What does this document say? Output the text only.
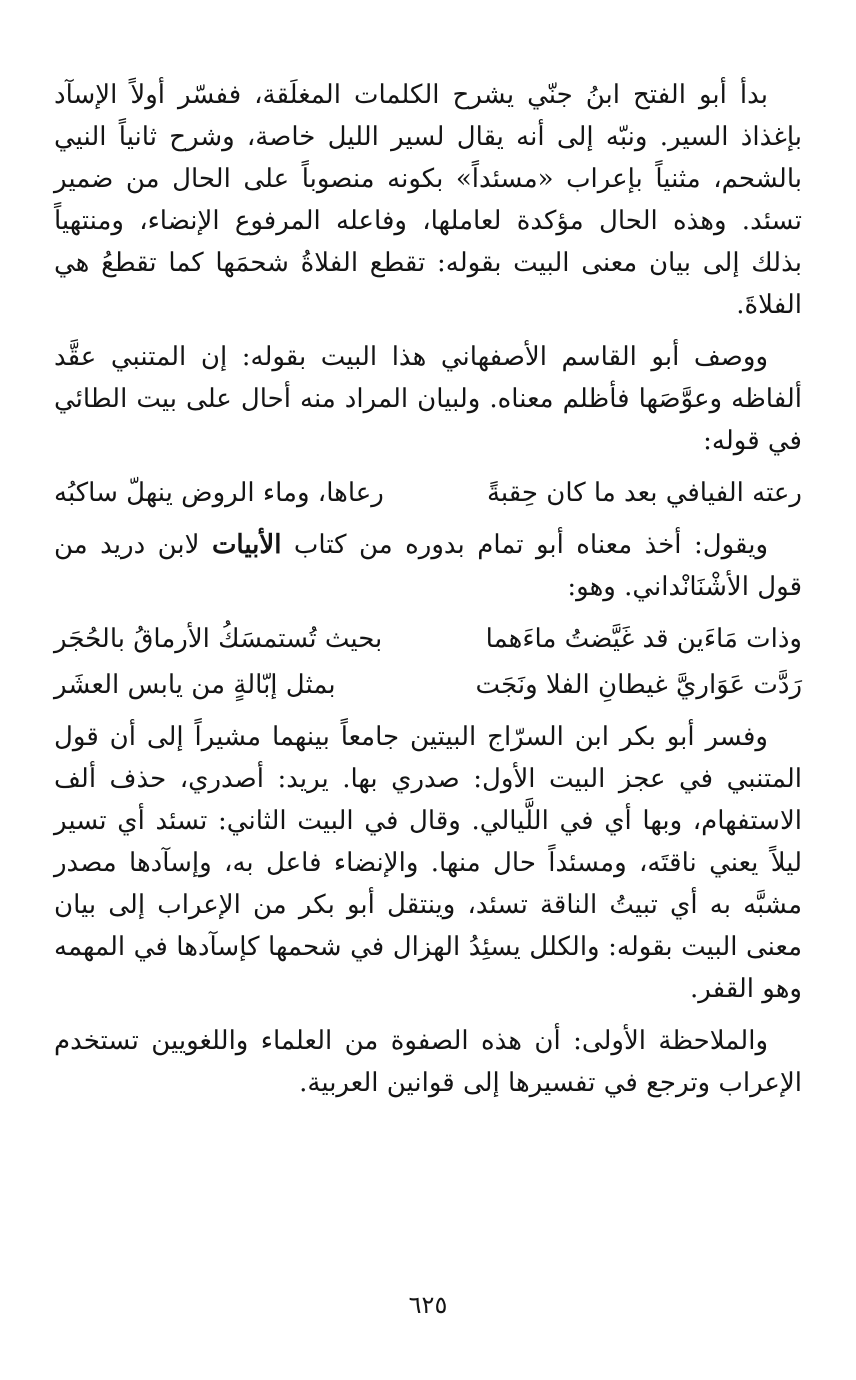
بدأ أبو الفتح ابنُ جنّي يشرح الكلمات المغلَقة، ففسّر أولاً الإسآد بإغذاذ السير. ونبّه إلى أنه يقال لسير الليل خاصة، وشرح ثانياً النيي بالشحم، مثنياً بإعراب «مسئداً» بكونه منصوباً على الحال من ضمير تسئد. وهذه الحال مؤكدة لعاملها، وفاعله المرفوع الإنضاء، ومنتهياً بذلك إلى بيان معنى البيت بقوله: تقطع الفلاةُ شحمَها كما تقطعُ هي الفلاةَ.

ووصف أبو القاسم الأصفهاني هذا البيت بقوله: إن المتنبي عقَّد ألفاظه وعوَّصَها فأظلم معناه. ولبيان المراد منه أحال على بيت الطائي في قوله:

رعته الفيافي بعد ما كان حِقبةً
رعاها، وماء الروض ينهلّ ساكبُه

ويقول: أخذ معناه أبو تمام بدوره من كتاب الأبيات لابن دريد من قول الأشْنَانْداني. وهو:

وذات مَاءَين قد غَيَّضتُ ماءَهما
بحيث تُستمسَكُ الأرماقُ بالحُجَر
رَدَّت عَوَاريَّ غيطانِ الفلا ونَجَت
بمثل إبّالةٍ من يابس العشَر

وفسر أبو بكر ابن السرّاج البيتين جامعاً بينهما مشيراً إلى أن قول المتنبي في عجز البيت الأول: صدري بها. يريد: أصدري، حذف ألف الاستفهام، وبها أي في اللَّيالي. وقال في البيت الثاني: تسئد أي تسير ليلاً يعني ناقتَه، ومسئداً حال منها. والإنضاء فاعل به، وإسآدها مصدر مشبَّه به أي تبيتُ الناقة تسئد، وينتقل أبو بكر من الإعراب إلى بيان معنى البيت بقوله: والكلل يسئِدُ الهزال في شحمها كإسآدها في المهمه وهو القفر.

والملاحظة الأولى: أن هذه الصفوة من العلماء واللغويين تستخدم الإعراب وترجع في تفسيرها إلى قوانين العربية.

٦٢٥
